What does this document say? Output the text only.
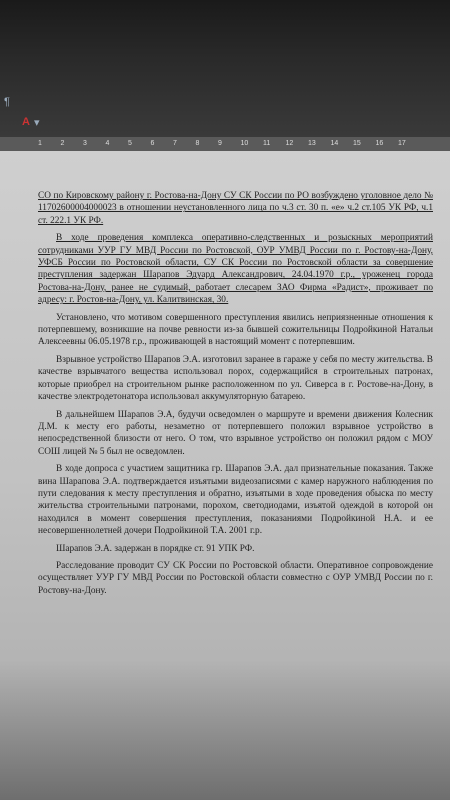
¶
A ▾
1	2	3	4	5	6	7	8	9	10 11 12 13 14 15 16 17

СО по Кировскому району г. Ростова-на-Дону СУ СК России по РО возбуждено уголовное дело № 11702600004000023 в отношении неустановленного лица по ч.3 ст. 30 п. «е» ч.2 ст.105 УК РФ, ч.1 ст. 222.1 УК РФ.

В ходе проведения комплекса оперативно-следственных и розыскных мероприятий сотрудниками УУР ГУ МВД России по Ростовской, ОУР УМВД России по г. Ростову-на-Дону, УФСБ России по Ростовской области, СУ СК России по Ростовской области за совершение преступления задержан Шарапов Эдуард Александрович, 24.04.1970 г.р., уроженец города Ростова-на-Дону, ранее не судимый, работает слесарем ЗАО Фирма «Радист», проживает по адресу: г. Ростов-на-Дону, ул. Калитвинская, 30.

Установлено, что мотивом совершенного преступления явились неприязненные отношения к потерпевшему, возникшие на почве ревности из-за бывшей сожительницы Подройкиной Натальи Алексеевны 06.05.1978 г.р., проживающей в настоящий момент с потерпевшим.

Взрывное устройство Шарапов Э.А. изготовил заранее в гараже у себя по месту жительства. В качестве взрывчатого вещества использовал порох, содержащийся в строительных патронах, которые приобрел на строительном рынке расположенном по ул. Сиверса в г. Ростове-на-Дону, в качестве электродетонатора использовал аккумуляторную батарею.

В дальнейшем Шарапов Э.А, будучи осведомлен о маршруте и времени движения Колесник Д.М. к месту его работы, незаметно от потерпевшего положил взрывное устройство в непосредственной близости от него. О том, что взрывное устройство он положил рядом с МОУ СОШ лицей № 5 был не осведомлен.

В ходе допроса с участием защитника гр. Шарапов Э.А. дал признательные показания. Также вина Шарапова Э.А. подтверждается изъятыми видеозаписями с камер наружного наблюдения по пути следования к месту преступления и обратно, изъятыми в ходе проведения обыска по месту жительства строительными патронами, порохом, светодиодами, изъятой одеждой в которой он находился в момент совершения преступления, показаниями Подройкиной Н.А. и ее несовершеннолетней дочери Подройкиной Т.А. 2001 г.р.

Шарапов Э.А. задержан в порядке ст. 91 УПК РФ.

Расследование проводит СУ СК России по Ростовской области. Оперативное сопровождение осуществляет УУР ГУ МВД России по Ростовской области совместно с ОУР УМВД России по г. Ростову-на-Дону.
